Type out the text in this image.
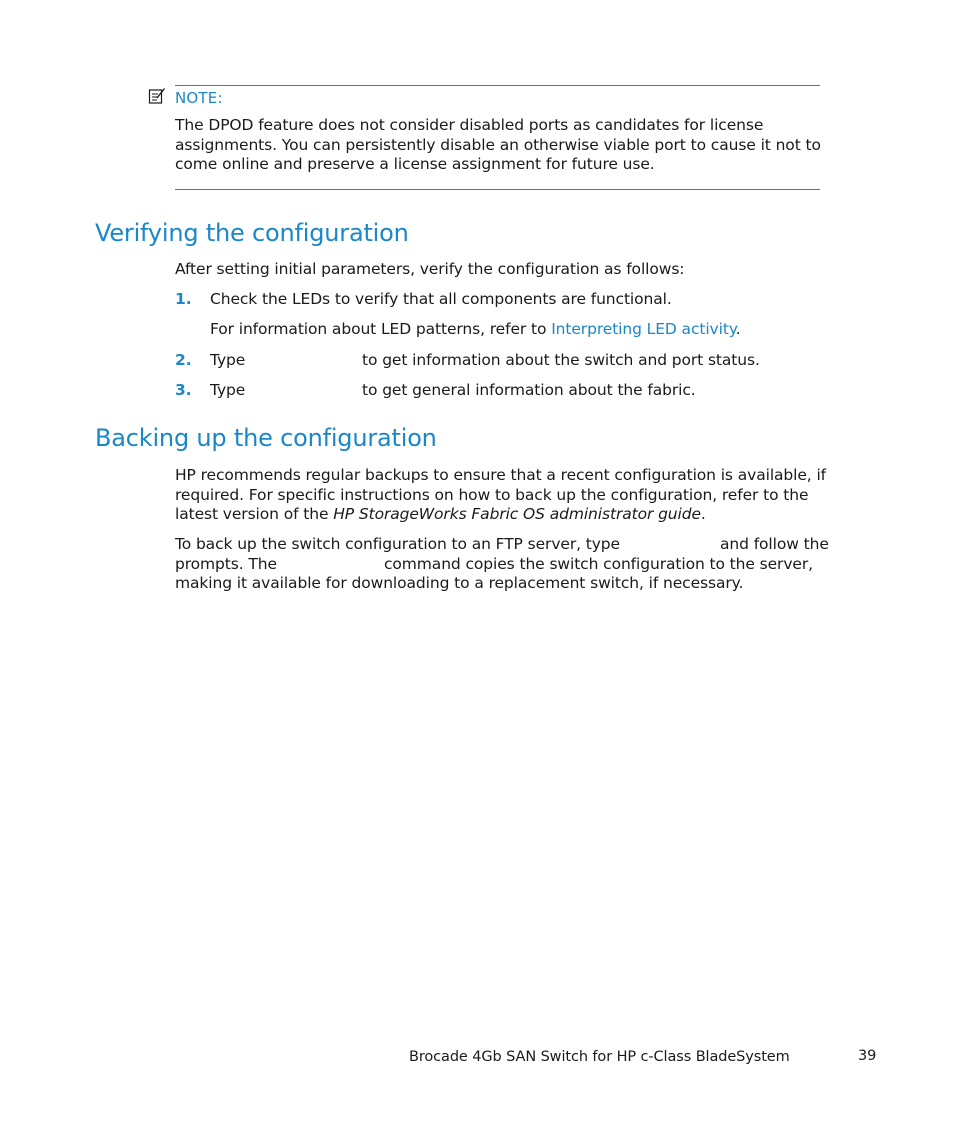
NOTE:
The DPOD feature does not consider disabled ports as candidates for license assignments. You can persistently disable an otherwise viable port to cause it not to come online and preserve a license assignment for future use.
Verifying the configuration
After setting initial parameters, verify the configuration as follows:
1. Check the LEDs to verify that all components are functional.
For information about LED patterns, refer to Interpreting LED activity.
2. Type	to get information about the switch and port status.
3. Type	to get general information about the fabric.
Backing up the configuration
HP recommends regular backups to ensure that a recent configuration is available, if required. For specific instructions on how to back up the configuration, refer to the latest version of the HP StorageWorks Fabric OS administrator guide.
To back up the switch configuration to an FTP server, type	and follow the
prompts. The	command copies the switch configuration to the server,
making it available for downloading to a replacement switch, if necessary.
Brocade 4Gb SAN Switch for HP c-Class BladeSystem	39
